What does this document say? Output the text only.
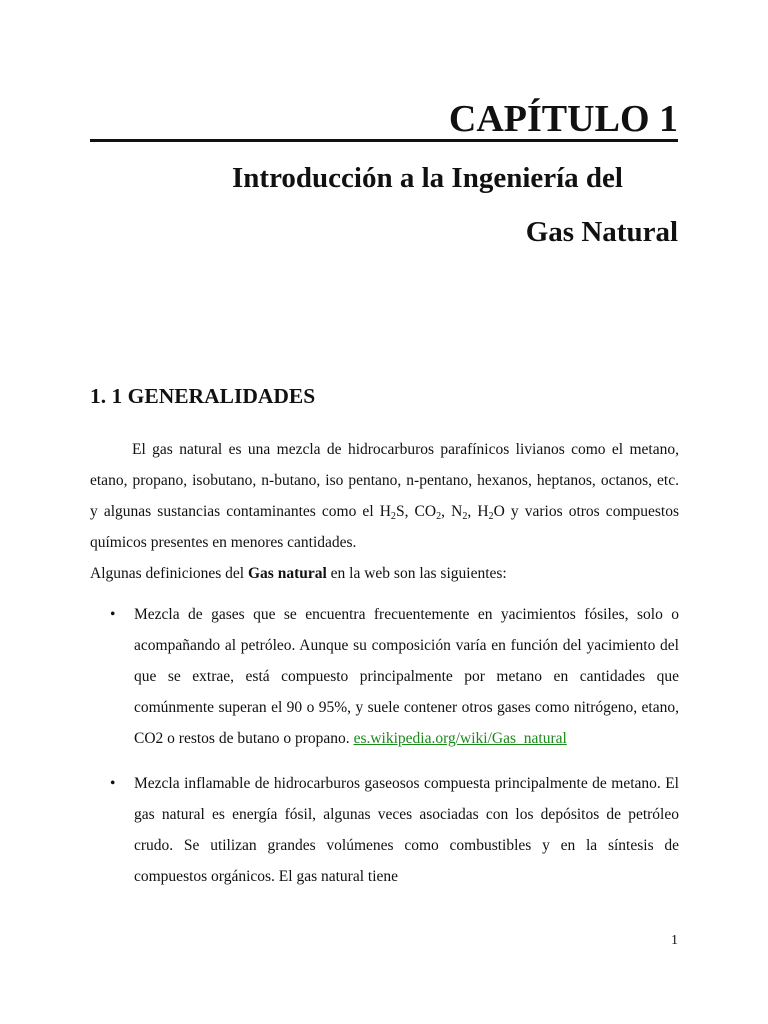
CAPÍTULO 1
Introducción a la Ingeniería del
Gas Natural
1. 1 GENERALIDADES

El gas natural es una mezcla de hidrocarburos parafínicos livianos como el metano, etano, propano, isobutano, n-butano, iso pentano, n-pentano, hexanos, heptanos, octanos, etc. y algunas sustancias contaminantes como el $H_2S$, $CO_2$, $N_2$, $H_2O$ y varios otros compuestos químicos presentes en menores cantidades.

Algunas definiciones del Gas natural en la web son las siguientes:

• Mezcla de gases que se encuentra frecuentemente en yacimientos fósiles, solo o acompañando al petróleo. Aunque su composición varía en función del yacimiento del que se extrae, está compuesto principalmente por metano en cantidades que comúnmente superan el 90 o 95%, y suele contener otros gases como nitrógeno, etano, CO2 o restos de butano o propano. es.wikipedia.org/wiki/Gas_natural
• Mezcla inflamable de hidrocarburos gaseosos compuesta principalmente de metano. El gas natural es energía fósil, algunas veces asociadas con los depósitos de petróleo crudo. Se utilizan grandes volúmenes como combustibles y en la síntesis de compuestos orgánicos. El gas natural tiene

1
